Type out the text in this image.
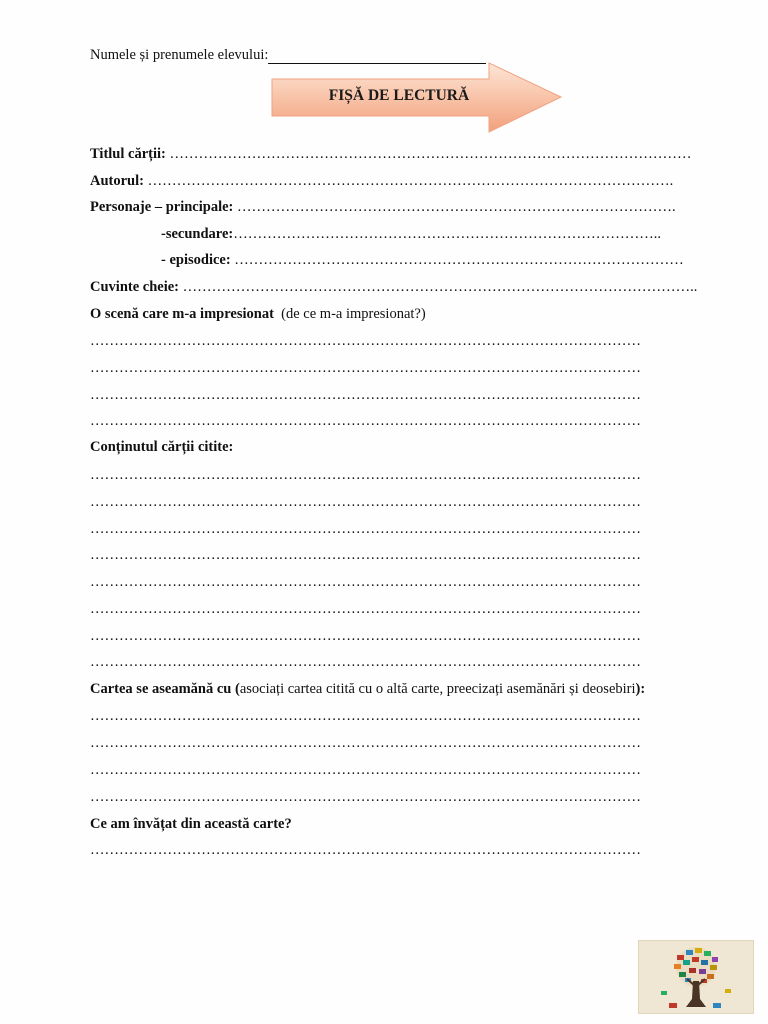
Numele și prenumele elevului:
FIȘĂ DE LECTURĂ
Titlul cărții: ………………………………………………………………………………………………
Autorul: ……………………………………………………………………………………………….
Personaje – principale: ……………………………………………………………………………….
-secundare:……………………………………………………………………………..
- episodice: …………………………………………………………………………………
Cuvinte cheie: ……………………………………………………………………………………………..
O scenă care m-a impresionat (de ce m-a impresionat?)
……………………………………………………………………………………………………
……………………………………………………………………………………………………
……………………………………………………………………………………………………
……………………………………………………………………………………………………
Conținutul cărții citite:
……………………………………………………………………………………………………
……………………………………………………………………………………………………
……………………………………………………………………………………………………
……………………………………………………………………………………………………
……………………………………………………………………………………………………
……………………………………………………………………………………………………
……………………………………………………………………………………………………
……………………………………………………………………………………………………
Cartea se aseamănă cu (asociați cartea citită cu o altă carte, preecizați asemănări și deosebiri):
……………………………………………………………………………………………………
……………………………………………………………………………………………………
……………………………………………………………………………………………………
……………………………………………………………………………………………………
Ce am învățat din această carte?
……………………………………………………………………………………………………
